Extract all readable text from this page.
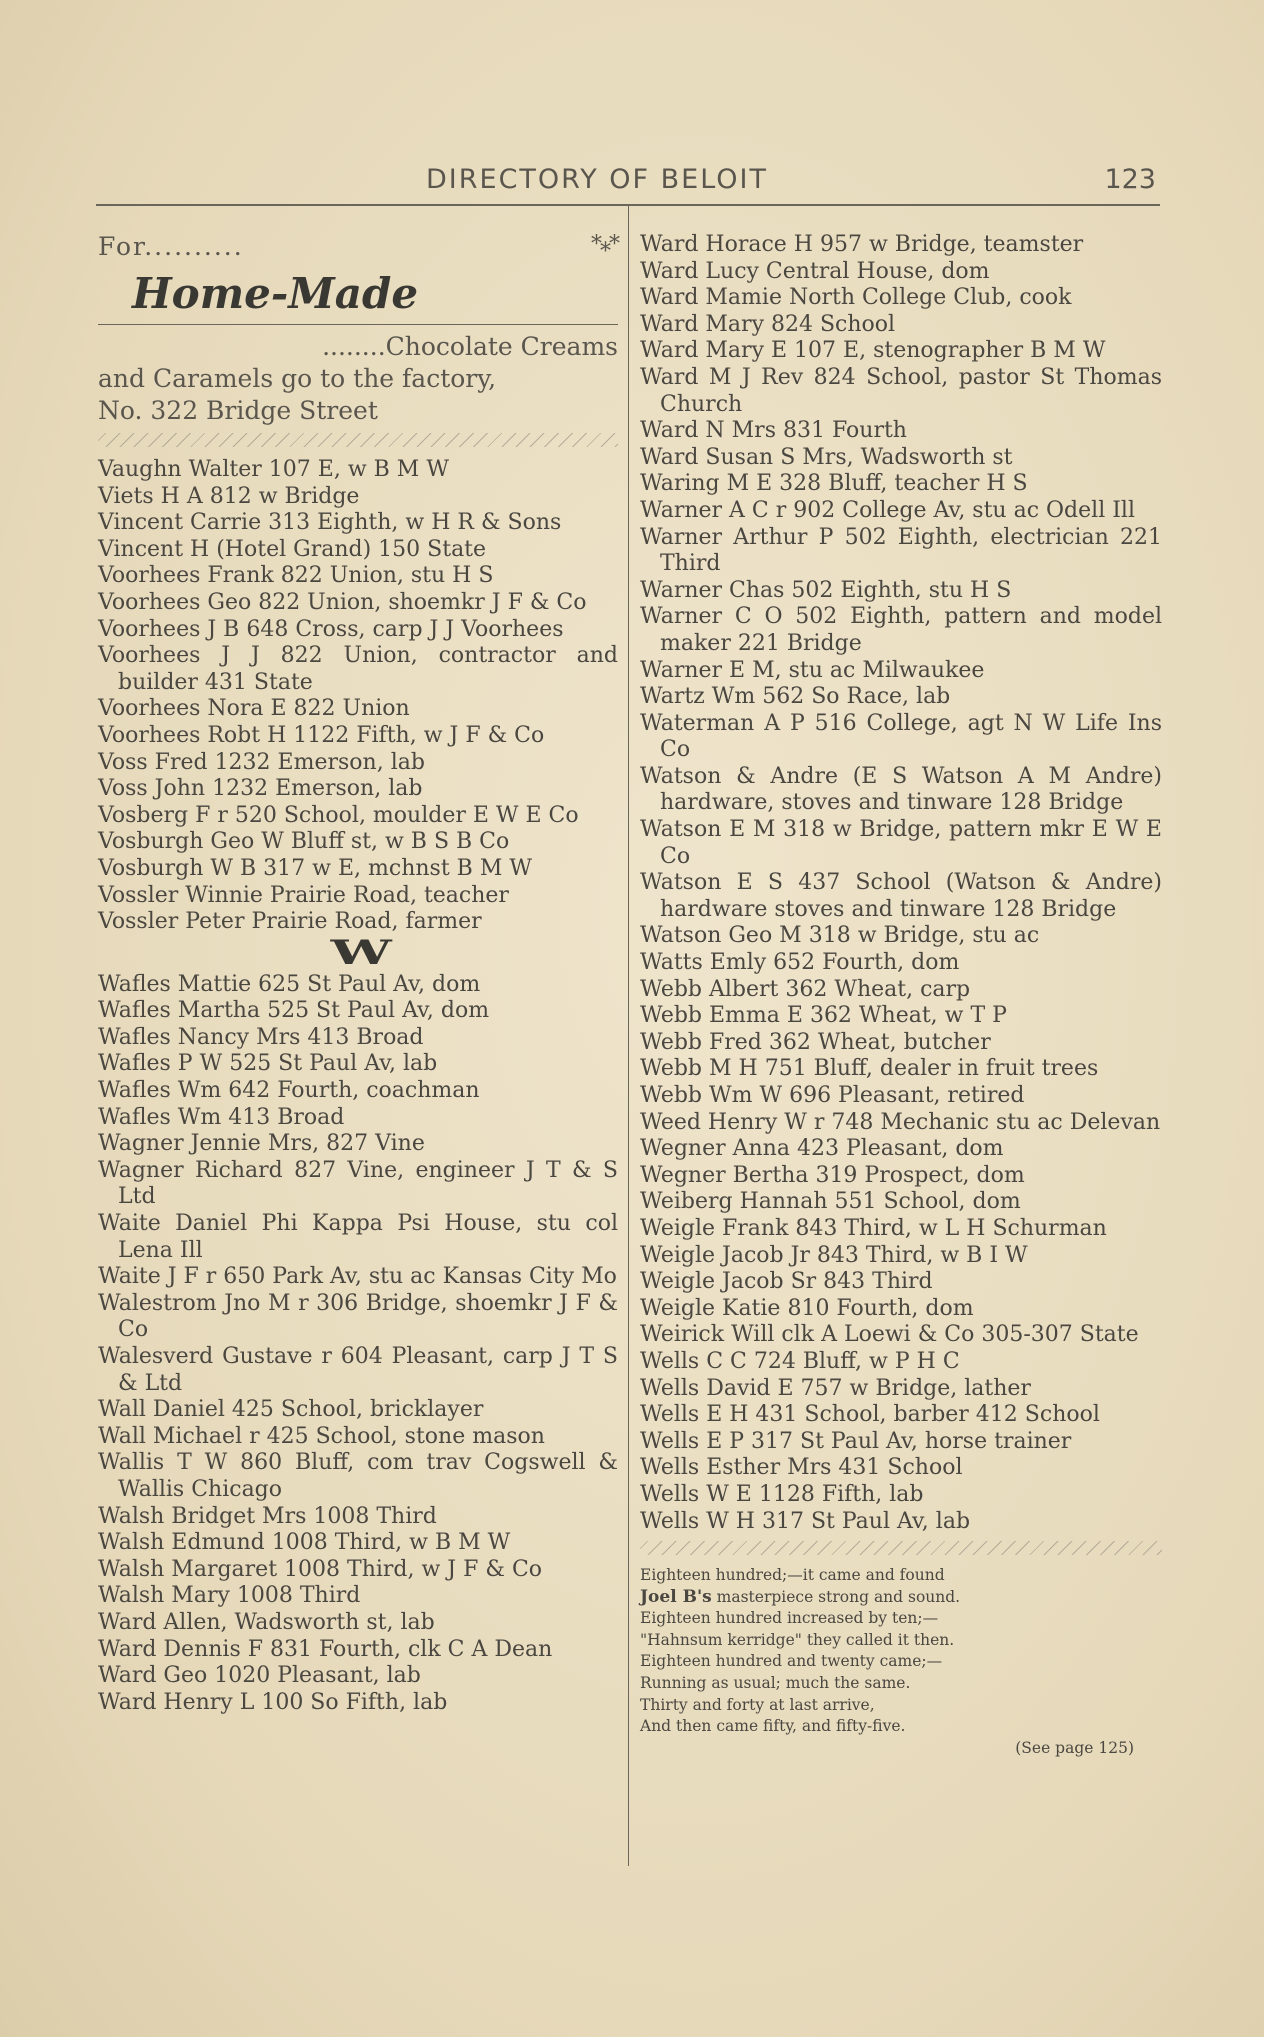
DIRECTORY OF BELOIT	123
For..........	*⁎*
Home-Made
........Chocolate Creams
and Caramels go to the factory,
No. 322 Bridge Street
Vaughn Walter 107 E, w B M W
Viets H A 812 w Bridge
Vincent Carrie 313 Eighth, w H R & Sons
Vincent H (Hotel Grand) 150 State
Voorhees Frank 822 Union, stu H S
Voorhees Geo 822 Union, shoemkr J F & Co
Voorhees J B 648 Cross, carp J J Voorhees
Voorhees J J 822 Union, contractor and builder 431 State
Voorhees Nora E 822 Union
Voorhees Robt H 1122 Fifth, w J F & Co
Voss Fred 1232 Emerson, lab
Voss John 1232 Emerson, lab
Vosberg F r 520 School, moulder E W E Co
Vosburgh Geo W Bluff st, w B S B Co
Vosburgh W B 317 w E, mchnst B M W
Vossler Winnie Prairie Road, teacher
Vossler Peter Prairie Road, farmer
W
Wafles Mattie 625 St Paul Av, dom
Wafles Martha 525 St Paul Av, dom
Wafles Nancy Mrs 413 Broad
Wafles P W 525 St Paul Av, lab
Wafles Wm 642 Fourth, coachman
Wafles Wm 413 Broad
Wagner Jennie Mrs, 827 Vine
Wagner Richard 827 Vine, engineer J T & S Ltd
Waite Daniel Phi Kappa Psi House, stu col Lena Ill
Waite J F r 650 Park Av, stu ac Kansas City Mo
Walestrom Jno M r 306 Bridge, shoemkr J F & Co
Walesverd Gustave r 604 Pleasant, carp J T S & Ltd
Wall Daniel 425 School, bricklayer
Wall Michael r 425 School, stone mason
Wallis T W 860 Bluff, com trav Cogswell & Wallis Chicago
Walsh Bridget Mrs 1008 Third
Walsh Edmund 1008 Third, w B M W
Walsh Margaret 1008 Third, w J F & Co
Walsh Mary 1008 Third
Ward Allen, Wadsworth st, lab
Ward Dennis F 831 Fourth, clk C A Dean
Ward Geo 1020 Pleasant, lab
Ward Henry L 100 So Fifth, lab
Ward Horace H 957 w Bridge, teamster
Ward Lucy Central House, dom
Ward Mamie North College Club, cook
Ward Mary 824 School
Ward Mary E 107 E, stenographer B M W
Ward M J Rev 824 School, pastor St Thomas Church
Ward N Mrs 831 Fourth
Ward Susan S Mrs, Wadsworth st
Waring M E 328 Bluff, teacher H S
Warner A C r 902 College Av, stu ac Odell Ill
Warner Arthur P 502 Eighth, electrician 221 Third
Warner Chas 502 Eighth, stu H S
Warner C O 502 Eighth, pattern and model maker 221 Bridge
Warner E M, stu ac Milwaukee
Wartz Wm 562 So Race, lab
Waterman A P 516 College, agt N W Life Ins Co
Watson & Andre (E S Watson A M Andre) hardware, stoves and tinware 128 Bridge
Watson E M 318 w Bridge, pattern mkr E W E Co
Watson E S 437 School (Watson & Andre) hardware stoves and tinware 128 Bridge
Watson Geo M 318 w Bridge, stu ac
Watts Emly 652 Fourth, dom
Webb Albert 362 Wheat, carp
Webb Emma E 362 Wheat, w T P
Webb Fred 362 Wheat, butcher
Webb M H 751 Bluff, dealer in fruit trees
Webb Wm W 696 Pleasant, retired
Weed Henry W r 748 Mechanic stu ac Delevan
Wegner Anna 423 Pleasant, dom
Wegner Bertha 319 Prospect, dom
Weiberg Hannah 551 School, dom
Weigle Frank 843 Third, w L H Schurman
Weigle Jacob Jr 843 Third, w B I W
Weigle Jacob Sr 843 Third
Weigle Katie 810 Fourth, dom
Weirick Will clk A Loewi & Co 305-307 State
Wells C C 724 Bluff, w P H C
Wells David E 757 w Bridge, lather
Wells E H 431 School, barber 412 School
Wells E P 317 St Paul Av, horse trainer
Wells Esther Mrs 431 School
Wells W E 1128 Fifth, lab
Wells W H 317 St Paul Av, lab
Eighteen hundred;—it came and found
Joel B's masterpiece strong and sound.
Eighteen hundred increased by ten;—
"Hahnsum kerridge" they called it then.
Eighteen hundred and twenty came;—
Running as usual; much the same.
Thirty and forty at last arrive,
And then came fifty, and fifty-five.
(See page 125)
